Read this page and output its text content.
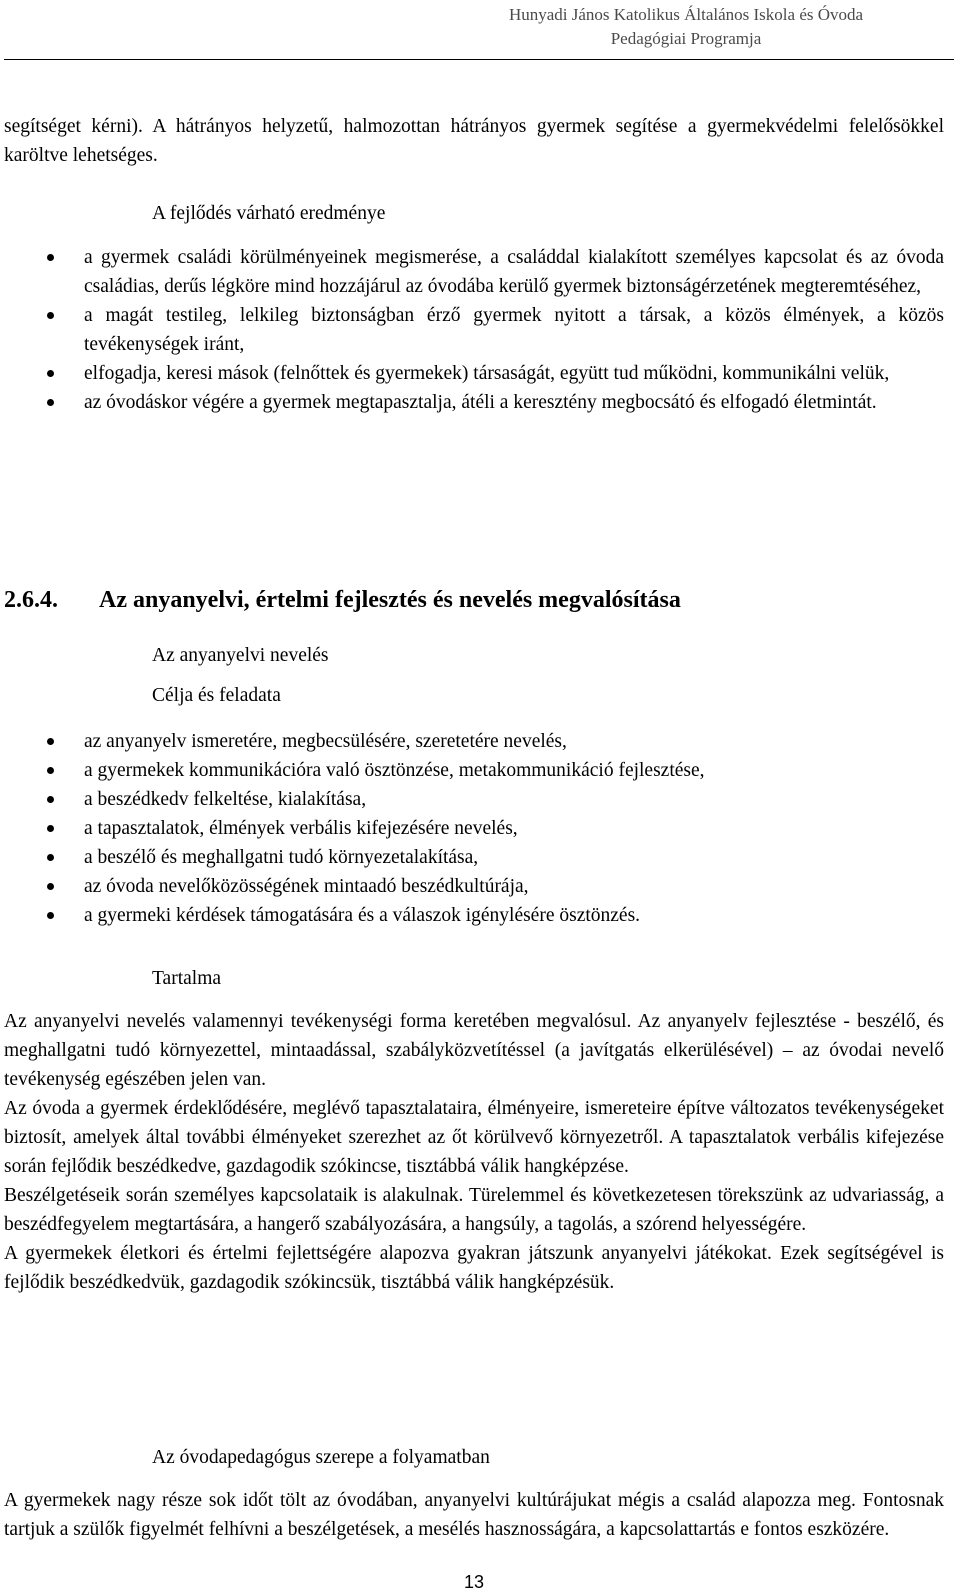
Hunyadi János Katolikus Általános Iskola és Óvoda
Pedagógiai Programja

segítséget kérni). A hátrányos helyzetű, halmozottan hátrányos gyermek segítése a gyermekvédelmi felelősökkel karöltve lehetséges.

A fejlődés várható eredménye
a gyermek családi körülményeinek megismerése, a családdal kialakított személyes kapcsolat és az óvoda családias, derűs légköre mind hozzájárul az óvodába kerülő gyermek biztonságérzetének megteremtéséhez,
a magát testileg, lelkileg biztonságban érző gyermek nyitott a társak, a közös élmények, a közös tevékenységek iránt,
elfogadja, keresi mások (felnőttek és gyermekek) társaságát, együtt tud működni, kommunikálni velük,
az óvodáskor végére a gyermek megtapasztalja, átéli a keresztény megbocsátó és elfogadó életmintát.
2.6.4. Az anyanyelvi, értelmi fejlesztés és nevelés megvalósítása
Az anyanyelvi nevelés
Célja és feladata
az anyanyelv ismeretére, megbecsülésére, szeretetére nevelés,
a gyermekek kommunikációra való ösztönzése, metakommunikáció fejlesztése,
a beszédkedv felkeltése, kialakítása,
a tapasztalatok, élmények verbális kifejezésére nevelés,
a beszélő és meghallgatni tudó környezetalakítása,
az óvoda nevelőközösségének mintaadó beszédkultúrája,
a gyermeki kérdések támogatására és a válaszok igénylésére ösztönzés.
Tartalma

Az anyanyelvi nevelés valamennyi tevékenységi forma keretében megvalósul. Az anyanyelv fejlesztése - beszélő, és meghallgatni tudó környezettel, mintaadással, szabályközvetítéssel (a javítgatás elkerülésével) – az óvodai nevelő tevékenység egészében jelen van.

Az óvoda a gyermek érdeklődésére, meglévő tapasztalataira, élményeire, ismereteire építve változatos tevékenységeket biztosít, amelyek által további élményeket szerezhet az őt körülvevő környezetről. A tapasztalatok verbális kifejezése során fejlődik beszédkedve, gazdagodik szókincse, tisztábbá válik hangképzése.

Beszélgetéseik során személyes kapcsolataik is alakulnak. Türelemmel és következetesen törekszünk az udvariasság, a beszédfegyelem megtartására, a hangerő szabályozására, a hangsúly, a tagolás, a szórend helyességére.

A gyermekek életkori és értelmi fejlettségére alapozva gyakran játszunk anyanyelvi játékokat. Ezek segítségével is fejlődik beszédkedvük, gazdagodik szókincsük, tisztábbá válik hangképzésük.

Az óvodapedagógus szerepe a folyamatban

A gyermekek nagy része sok időt tölt az óvodában, anyanyelvi kultúrájukat mégis a család alapozza meg. Fontosnak tartjuk a szülők figyelmét felhívni a beszélgetések, a mesélés hasznosságára, a kapcsolattartás e fontos eszközére.

13
